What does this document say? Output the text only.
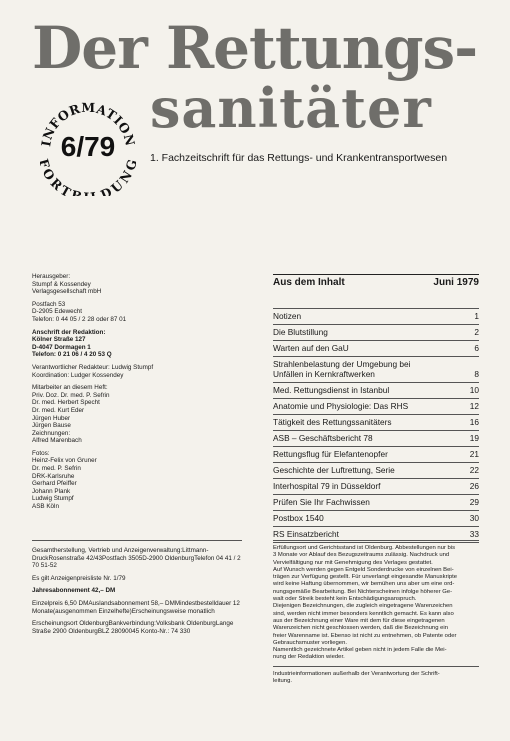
Der Rettungs-
sanitäter
1. Fachzeitschrift für das Rettungs- und Krankentransportwesen
NFORMATIO
ORTB DUN
6/79

Herausgeber:
Stumpf & Kossendey
Verlagsgesellschaft mbH

Postfach 53
D-2905 Edewecht
Telefon: 0 44 05 / 2 28 oder 87 01

Anschrift der Redaktion:
Kölner Straße 127
D-4047 Dormagen 1
Telefon: 0 21 06 / 4 20 53 Q

Verantwortlicher Redakteur: Ludwig Stumpf
Koordination: Ludger Kossendey

Mitarbeiter an diesem Heft:
Priv. Doz. Dr. med. P. Sefrin
Dr. med. Herbert Specht
Dr. med. Kurt Eder
Jürgen Huber
Jürgen Bause
Zeichnungen:
Alfred Marenbach

Fotos:
Heinz-Felix von Gruner
Dr. med. P. Sefrin
DRK-Karlsruhe
Gerhard Pfeiffer
Johann Plank
Ludwig Stumpf
ASB Köln

Aus dem Inhalt	Juni 1979
Notizen	1
Die Blutstillung	2
Warten auf den GaU	6
Strahlenbelastung der Umgebung bei
Unfällen in Kernkraftwerken	8
Med. Rettungsdienst in Istanbul	10
Anatomie und Physiologie: Das RHS	12
Tätigkeit des Rettungssanitäters	16
ASB – Geschäftsbericht 78	19
Rettungsflug für Elefantenopfer	21
Geschichte der Luftrettung, Serie	22
Interhospital 79 in Düsseldorf	26
Prüfen Sie Ihr Fachwissen	29
Postbox 1540	30
RS Einsatzbericht	33

Gesamtherstellung, Vertrieb und Anzeigenverwaltung:Littmann-DruckRosenstraße 42/43Postfach 3505D-2900 OldenburgTelefon 04 41 / 2 70 51-52

Es gilt Anzeigenpreisliste Nr. 1/79

Jahresabonnement 42,– DM

Einzelpreis 6,50 DMAuslandsabonnement 58,– DMMindestbestelldauer 12 Monate(ausgenommen Einzelhefte)Erscheinungsweise monatlich

Erscheinungsort OldenburgBankverbindung:Volksbank OldenburgLange Straße 2900 OldenburgBLZ 28090045 Konto-Nr.: 74 330

Erfüllungsort und Gerichtsstand ist Oldenburg. Abbestellungen nur bis
3 Monate vor Ablauf des Bezugszeitraums zulässig. Nachdruck und
Vervielfältigung nur mit Genehmigung des Verlages gestattet.
Auf Wunsch werden gegen Entgeld Sonderdrucke von einzelnen Bei-
trägen zur Verfügung gestellt. Für unverlangt eingesandte Manuskripte
wird keine Haftung übernommen, wir bemühen uns aber um eine ord-
nungsgemäße Bearbeitung. Bei Nichterscheinen infolge höherer Ge-
walt oder Streik besteht kein Entschädigungsanspruch.
Diejenigen Bezeichnungen, die zugleich eingetragene Warenzeichen
sind, werden nicht immer besonders kenntlich gemacht. Es kann also
aus der Bezeichnung einer Ware mit dem für diese eingetragenen
Warenzeichen nicht geschlossen werden, daß die Bezeichnung ein
freier Warenname ist. Ebenso ist nicht zu entnehmen, ob Patente oder
Gebrauchsmuster vorliegen.
Namentlich gezeichnete Artikel geben nicht in jedem Falle die Mei-
nung der Redaktion wieder.

Industrieinformationen außerhalb der Verantwortung der Schrift-
leitung.
